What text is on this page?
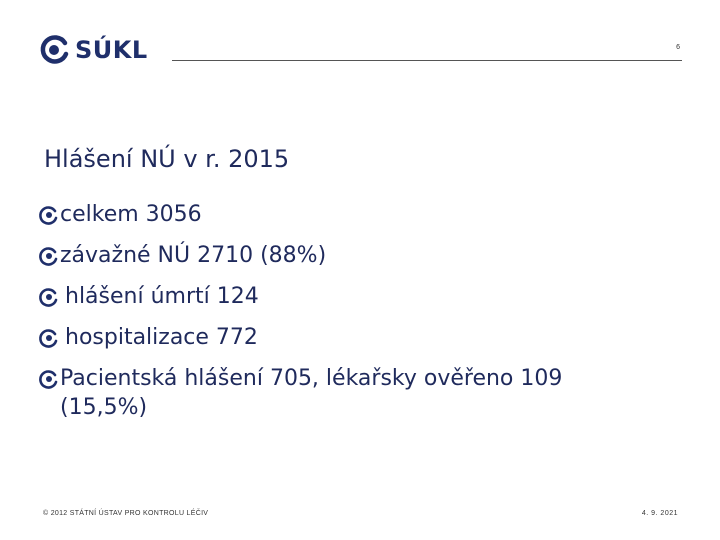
SÚKL	6
Hlášení NÚ v r. 2015
celkem 3056
závažné NÚ 2710 (88%)
hlášení úmrtí 124
hospitalizace 772
Pacientská hlášení 705, lékařsky ověřeno 109 (15,5%)
© 2012 STÁTNÍ ÚSTAV PRO KONTROLU LÉČIV	4. 9. 2021
